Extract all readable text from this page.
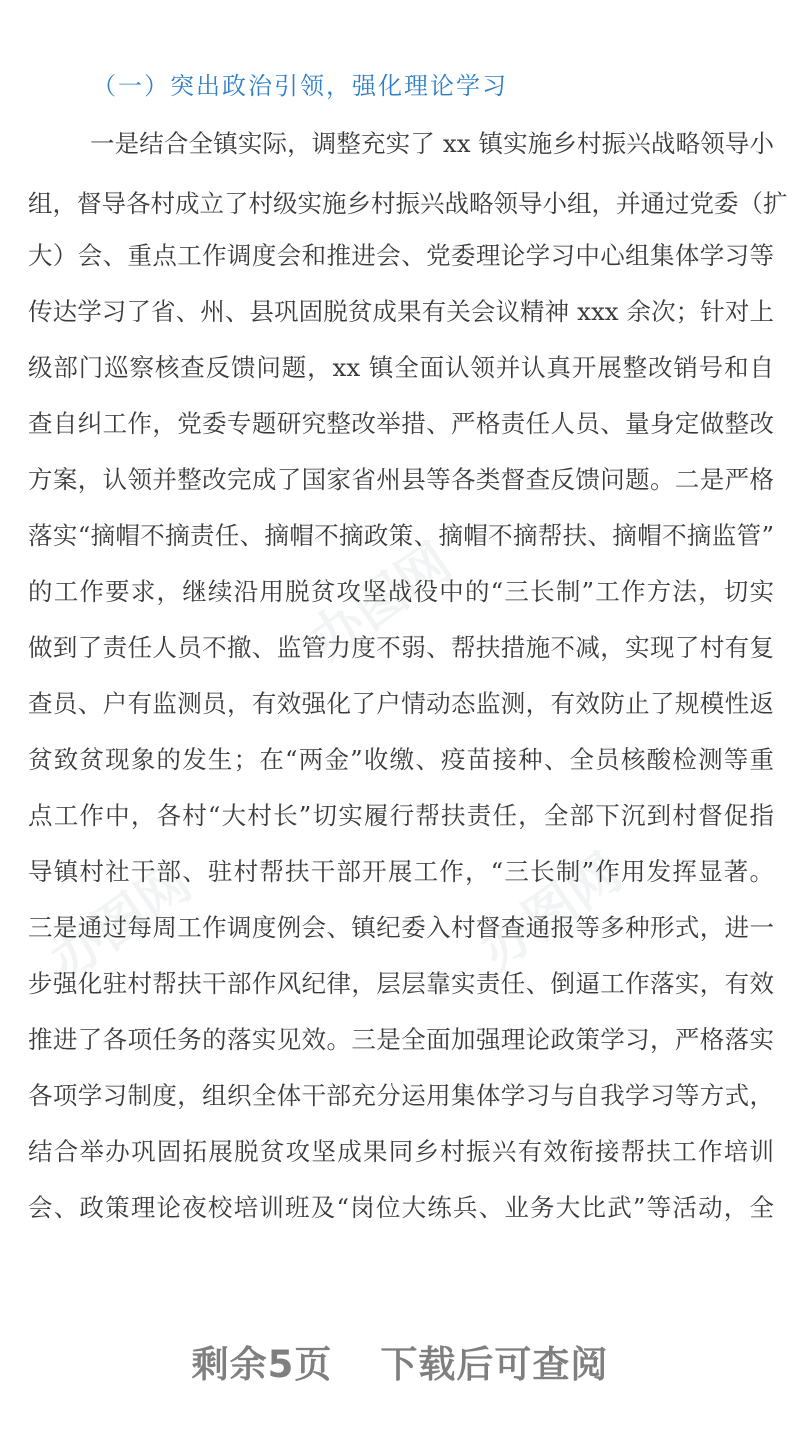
办图网
办图网	办图网
（一）突出政治引领，强化理论学习
一是结合全镇实际，调整充实了 xx 镇实施乡村振兴战略领导小
组，督导各村成立了村级实施乡村振兴战略领导小组，并通过党委（扩
大）会、重点工作调度会和推进会、党委理论学习中心组集体学习等
传达学习了省、州、县巩固脱贫成果有关会议精神 xxx 余次；针对上
级部门巡察核查反馈问题，xx 镇全面认领并认真开展整改销号和自
查自纠工作，党委专题研究整改举措、严格责任人员、量身定做整改
方案，认领并整改完成了国家省州县等各类督查反馈问题。二是严格
落实“摘帽不摘责任、摘帽不摘政策、摘帽不摘帮扶、摘帽不摘监管”
的工作要求，继续沿用脱贫攻坚战役中的“三长制”工作方法，切实
做到了责任人员不撤、监管力度不弱、帮扶措施不减，实现了村有复
查员、户有监测员，有效强化了户情动态监测，有效防止了规模性返
贫致贫现象的发生；在“两金”收缴、疫苗接种、全员核酸检测等重
点工作中，各村“大村长”切实履行帮扶责任，全部下沉到村督促指
导镇村社干部、驻村帮扶干部开展工作，“三长制”作用发挥显著。
三是通过每周工作调度例会、镇纪委入村督查通报等多种形式，进一
步强化驻村帮扶干部作风纪律，层层靠实责任、倒逼工作落实，有效
推进了各项任务的落实见效。三是全面加强理论政策学习，严格落实
各项学习制度，组织全体干部充分运用集体学习与自我学习等方式，
结合举办巩固拓展脱贫攻坚成果同乡村振兴有效衔接帮扶工作培训
会、政策理论夜校培训班及“岗位大练兵、业务大比武”等活动，全
剩余5页 下载后可查阅
